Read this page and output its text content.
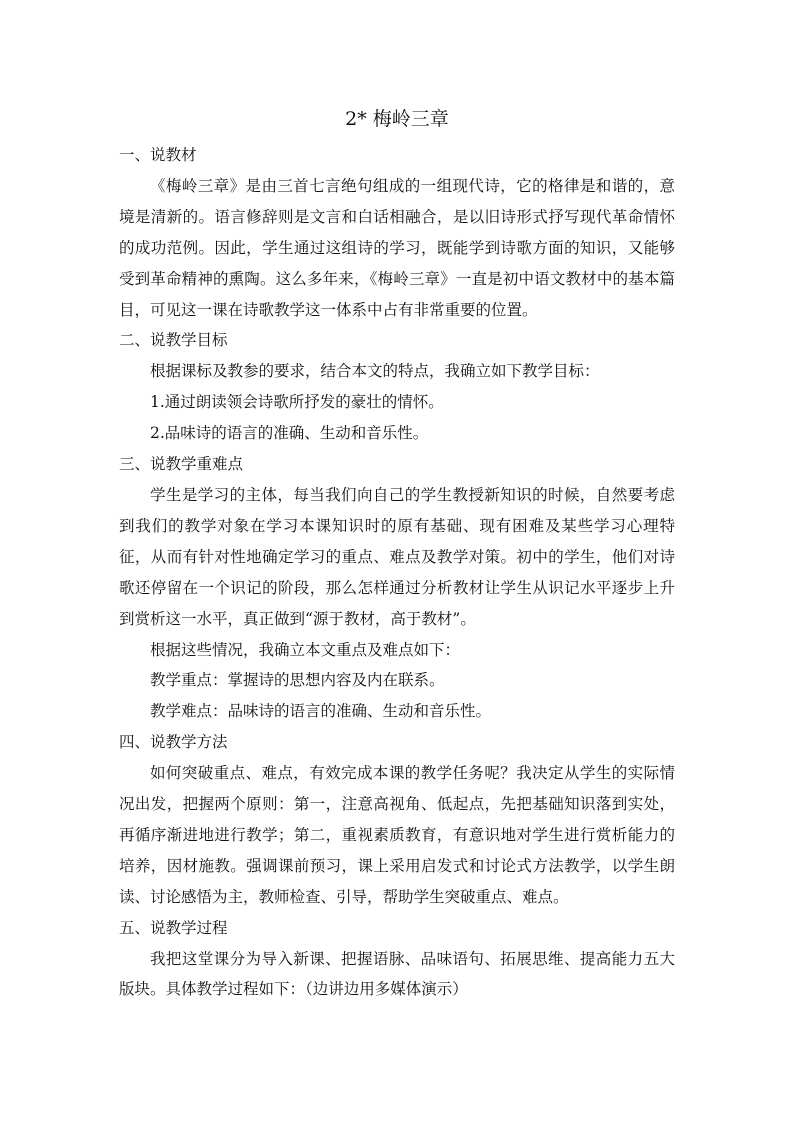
2* 梅岭三章

一、说教材

《梅岭三章》是由三首七言绝句组成的一组现代诗，它的格律是和谐的，意境是清新的。语言修辞则是文言和白话相融合，是以旧诗形式抒写现代革命情怀的成功范例。因此，学生通过这组诗的学习，既能学到诗歌方面的知识，又能够受到革命精神的熏陶。这么多年来，《梅岭三章》一直是初中语文教材中的基本篇目，可见这一课在诗歌教学这一体系中占有非常重要的位置。

二、说教学目标

根据课标及教参的要求，结合本文的特点，我确立如下教学目标：

1.通过朗读领会诗歌所抒发的豪壮的情怀。

2.品味诗的语言的准确、生动和音乐性。

三、说教学重难点

学生是学习的主体，每当我们向自己的学生教授新知识的时候，自然要考虑到我们的教学对象在学习本课知识时的原有基础、现有困难及某些学习心理特征，从而有针对性地确定学习的重点、难点及教学对策。初中的学生，他们对诗歌还停留在一个识记的阶段，那么怎样通过分析教材让学生从识记水平逐步上升到赏析这一水平，真正做到“源于教材，高于教材”。

根据这些情况，我确立本文重点及难点如下：

教学重点：掌握诗的思想内容及内在联系。

教学难点：品味诗的语言的准确、生动和音乐性。

四、说教学方法

如何突破重点、难点，有效完成本课的教学任务呢？我决定从学生的实际情况出发，把握两个原则：第一，注意高视角、低起点，先把基础知识落到实处，再循序渐进地进行教学；第二，重视素质教育，有意识地对学生进行赏析能力的培养，因材施教。强调课前预习，课上采用启发式和讨论式方法教学，以学生朗读、讨论感悟为主，教师检查、引导，帮助学生突破重点、难点。

五、说教学过程

我把这堂课分为导入新课、把握语脉、品味语句、拓展思维、提高能力五大版块。具体教学过程如下：（边讲边用多媒体演示）
